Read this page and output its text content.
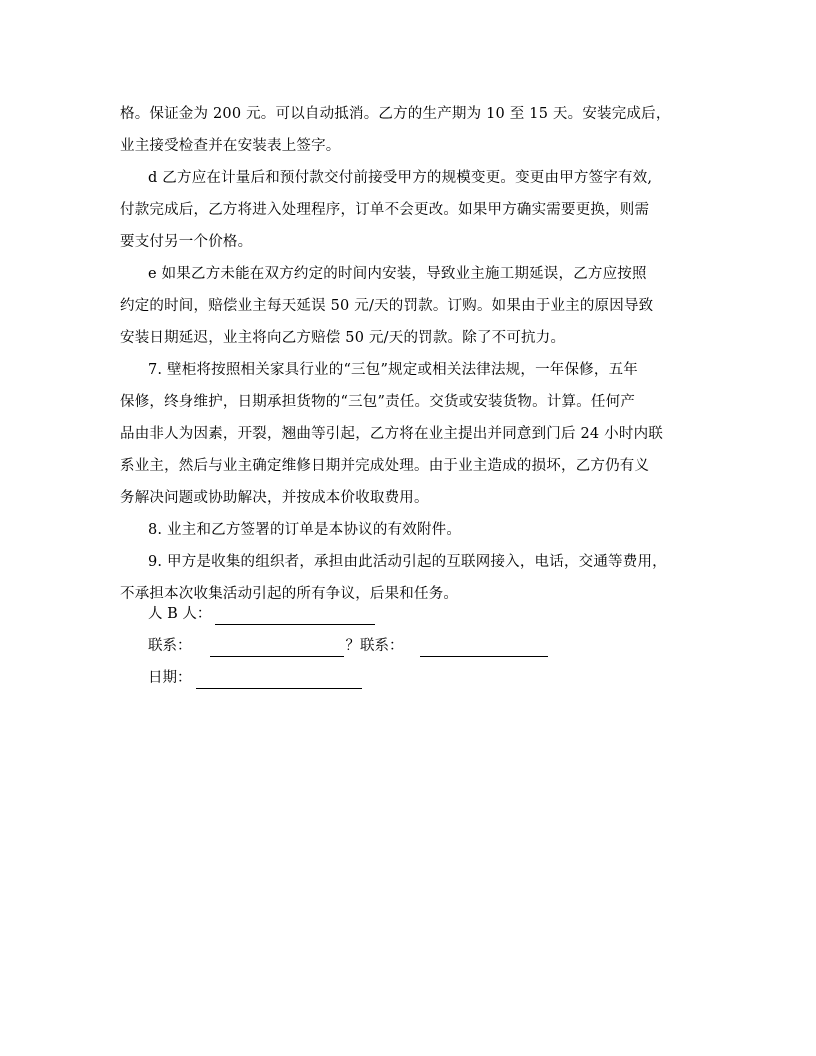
格。保证金为 200 元。可以自动抵消。乙方的生产期为 10 至 15 天。安装完成后，
业主接受检查并在安装表上签字。
d 乙方应在计量后和预付款交付前接受甲方的规模变更。变更由甲方签字有效,
付款完成后，乙方将进入处理程序，订单不会更改。如果甲方确实需要更换，则需
要支付另一个价格。
e 如果乙方未能在双方约定的时间内安装，导致业主施工期延误，乙方应按照
约定的时间，赔偿业主每天延误 50 元/天的罚款。订购。如果由于业主的原因导致
安装日期延迟，业主将向乙方赔偿 50 元/天的罚款。除了不可抗力。
7. 壁柜将按照相关家具行业的“三包”规定或相关法律法规，一年保修，五年
保修，终身维护，日期承担货物的“三包”责任。交货或安装货物。计算。任何产
品由非人为因素，开裂，翘曲等引起，乙方将在业主提出并同意到门后 24 小时内联
系业主，然后与业主确定维修日期并完成处理。由于业主造成的损坏，乙方仍有义
务解决问题或协助解决，并按成本价收取费用。
8. 业主和乙方签署的订单是本协议的有效附件。
9. 甲方是收集的组织者，承担由此活动引起的互联网接入，电话，交通等费用，
不承担本次收集活动引起的所有争议，后果和任务。
人 B 人：
联系：	？联系：
日期：
